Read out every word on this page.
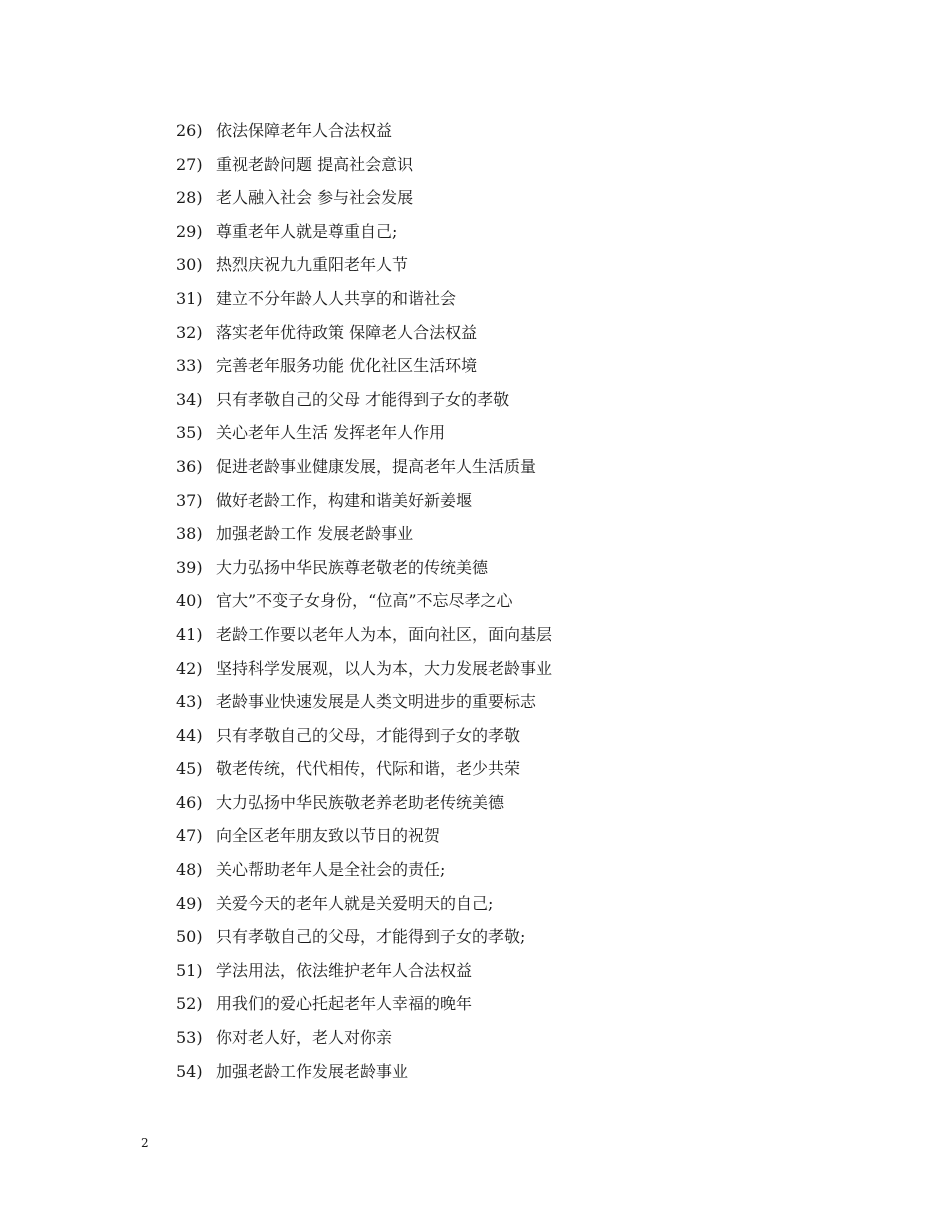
26) 依法保障老年人合法权益
27) 重视老龄问题 提高社会意识
28) 老人融入社会 参与社会发展
29) 尊重老年人就是尊重自己;
30) 热烈庆祝九九重阳老年人节
31) 建立不分年龄人人共享的和谐社会
32) 落实老年优待政策 保障老人合法权益
33) 完善老年服务功能 优化社区生活环境
34) 只有孝敬自己的父母 才能得到子女的孝敬
35) 关心老年人生活 发挥老年人作用
36) 促进老龄事业健康发展，提高老年人生活质量
37) 做好老龄工作，构建和谐美好新姜堰
38) 加强老龄工作 发展老龄事业
39) 大力弘扬中华民族尊老敬老的传统美德
40) 官大”不变子女身份，“位高”不忘尽孝之心
41) 老龄工作要以老年人为本，面向社区，面向基层
42) 坚持科学发展观，以人为本，大力发展老龄事业
43) 老龄事业快速发展是人类文明进步的重要标志
44) 只有孝敬自己的父母，才能得到子女的孝敬
45) 敬老传统，代代相传，代际和谐，老少共荣
46) 大力弘扬中华民族敬老养老助老传统美德
47) 向全区老年朋友致以节日的祝贺
48) 关心帮助老年人是全社会的责任;
49) 关爱今天的老年人就是关爱明天的自己;
50) 只有孝敬自己的父母，才能得到子女的孝敬;
51) 学法用法，依法维护老年人合法权益
52) 用我们的爱心托起老年人幸福的晚年
53) 你对老人好，老人对你亲
54) 加强老龄工作发展老龄事业
2
